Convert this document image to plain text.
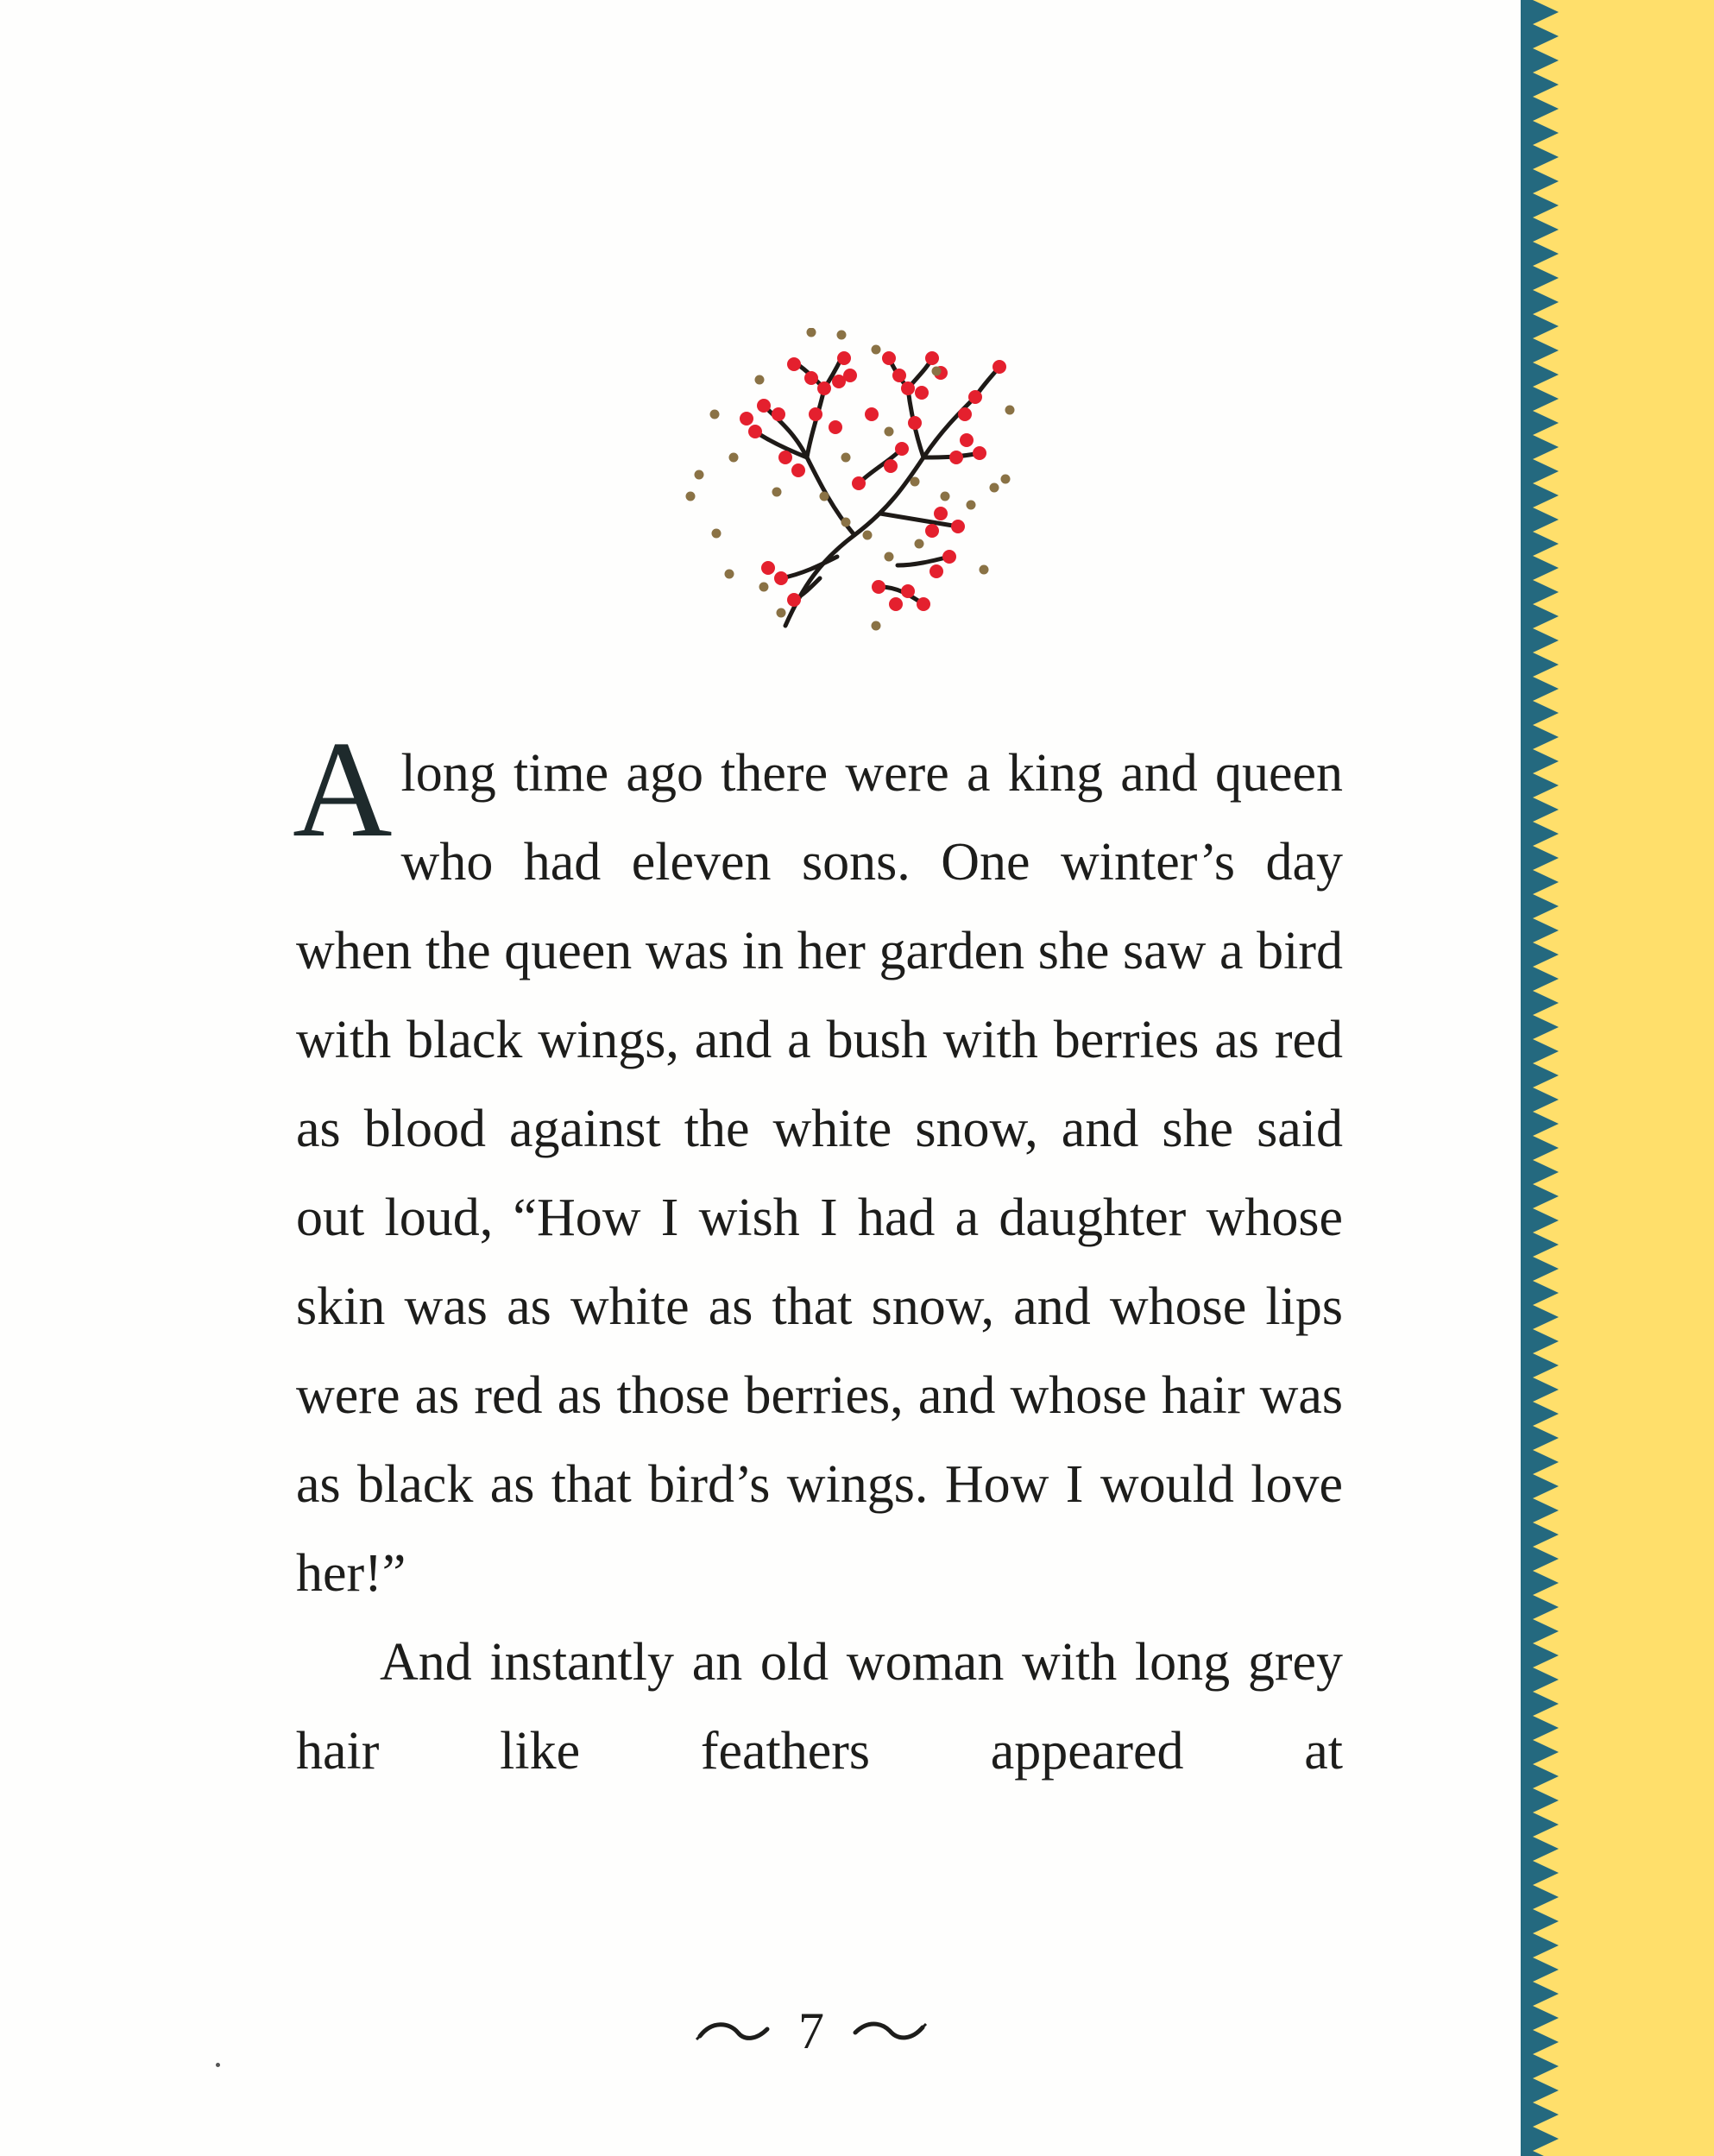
A long time ago there were a king and queen who had eleven sons. One winter’s day when the queen was in her garden she saw a bird with black wings, and a bush with berries as red as blood against the white snow, and she said out loud, “How I wish I had a daughter whose skin was as white as that snow, and whose lips were as red as those berries, and whose hair was as black as that bird’s wings. How I would love her!”

And instantly an old woman with long grey hair like feathers appeared at

7
